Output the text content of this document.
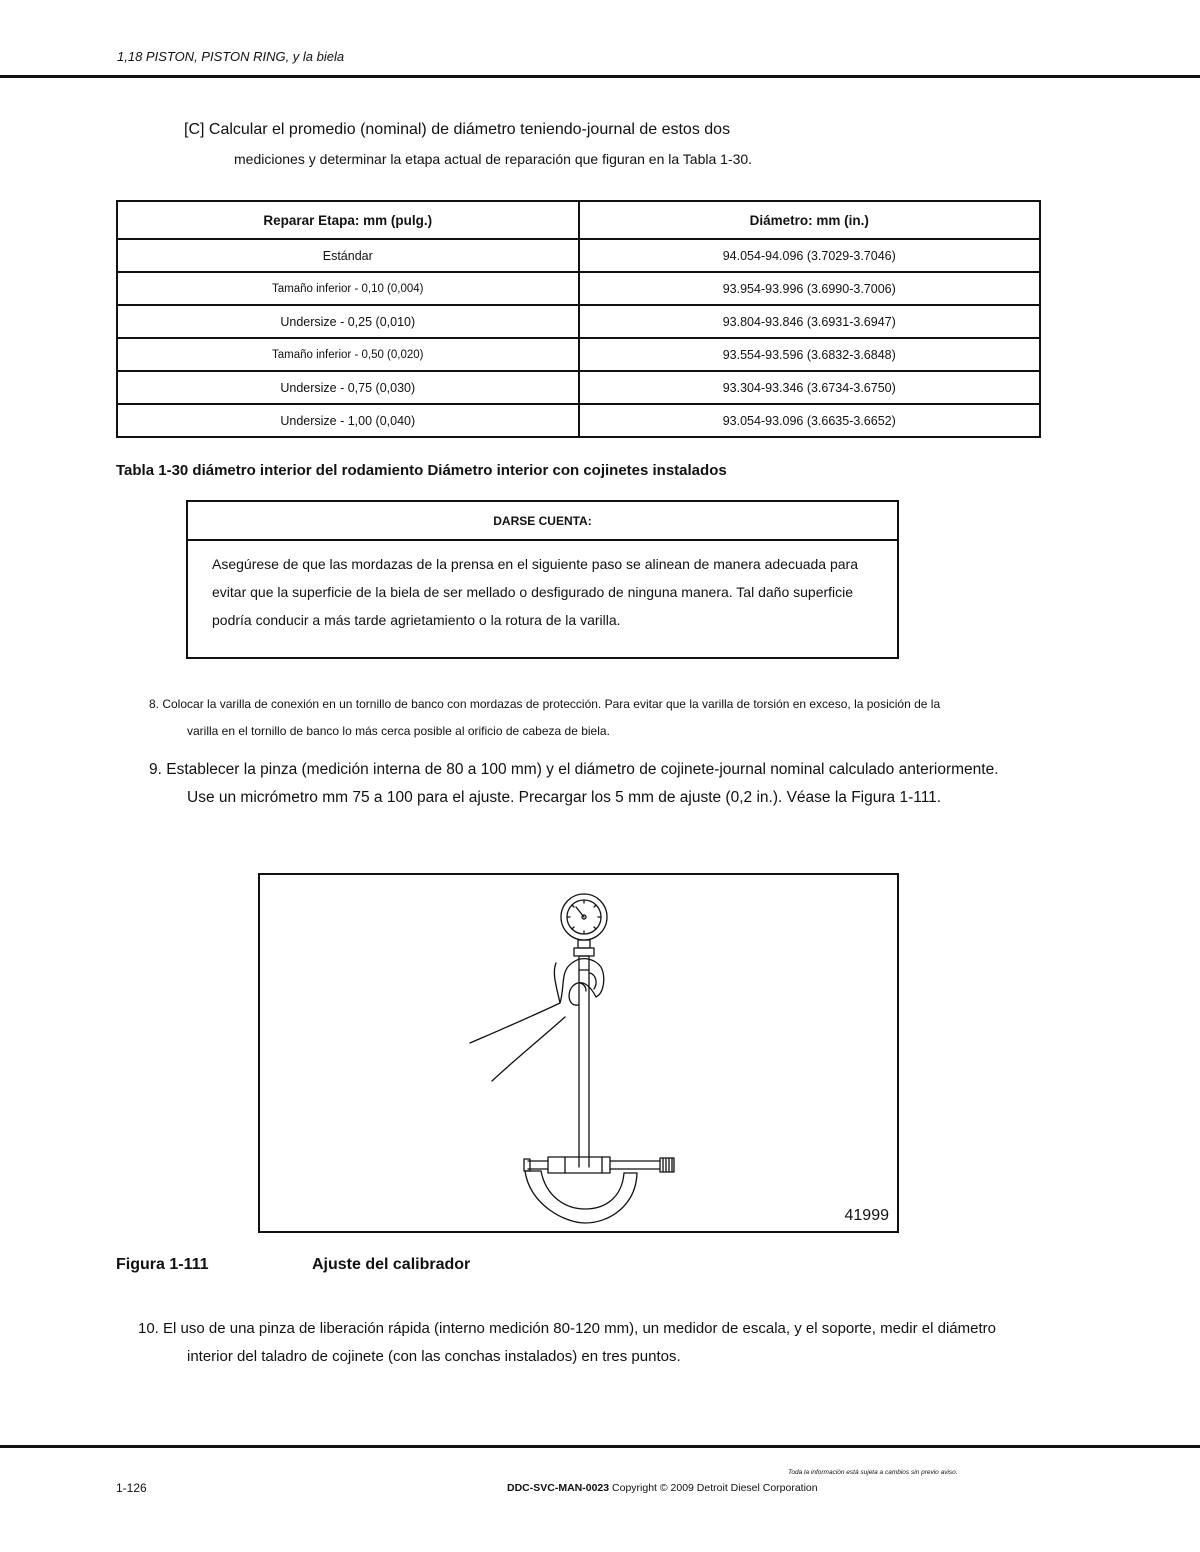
1,18 PISTON, PISTON RING, y la biela
[C] Calcular el promedio (nominal) de diámetro teniendo-journal de estos dos
mediciones y determinar la etapa actual de reparación que figuran en la Tabla 1-30.
Reparar Etapa: mm (pulg.)	Diámetro: mm (in.)
Estándar	94.054-94.096 (3.7029-3.7046)
Tamaño inferior - 0,10 (0,004)	93.954-93.996 (3.6990-3.7006)
Undersize - 0,25 (0,010)	93.804-93.846 (3.6931-3.6947)
Tamaño inferior - 0,50 (0,020)	93.554-93.596 (3.6832-3.6848)
Undersize - 0,75 (0,030)	93.304-93.346 (3.6734-3.6750)
Undersize - 1,00 (0,040)	93.054-93.096 (3.6635-3.6652)
Tabla 1-30 diámetro interior del rodamiento Diámetro interior con cojinetes instalados
DARSE CUENTA:
Asegúrese de que las mordazas de la prensa en el siguiente paso se alinean de manera adecuada para
evitar que la superficie de la biela de ser mellado o desfigurado de ninguna manera. Tal daño superficie
podría conducir a más tarde agrietamiento o la rotura de la varilla.
8. Colocar la varilla de conexión en un tornillo de banco con mordazas de protección. Para evitar que la varilla de torsión en exceso, la posición de la
varilla en el tornillo de banco lo más cerca posible al orificio de cabeza de biela.
9. Establecer la pinza (medición interna de 80 a 100 mm) y el diámetro de cojinete-journal nominal calculado anteriormente.
Use un micrómetro mm 75 a 100 para el ajuste. Precargar los 5 mm de ajuste (0,2 in.). Véase la Figura 1-111.
41999
Figura 1-111	Ajuste del calibrador
10. El uso de una pinza de liberación rápida (interno medición 80-120 mm), un medidor de escala, y el soporte, medir el diámetro
interior del taladro de cojinete (con las conchas instalados) en tres puntos.
Toda la información está sujeta a cambios sin previo aviso.
1-126	DDC-SVC-MAN-0023 Copyright © 2009 Detroit Diesel Corporation
